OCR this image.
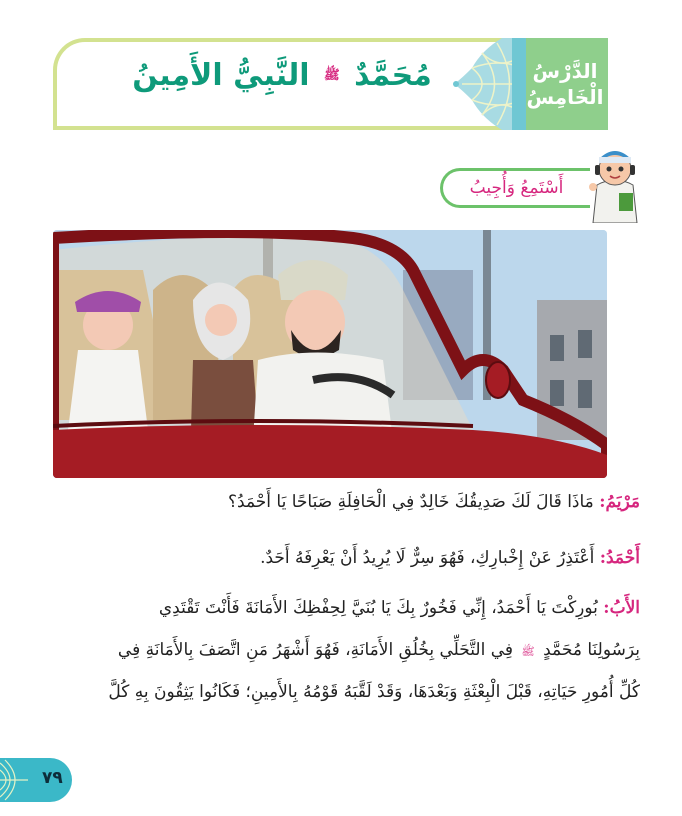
مُحَمَّدٌ ﷺ النَّبِيُّ الأَمِينُ	الدَّرْسُ
الْخَامِسُ
أَسْتَمِعُ وَأُجِيبُ
مَرْيَمُ: مَاذَا قَالَ لَكَ صَدِيقُكَ خَالِدٌ فِي الْحَافِلَةِ صَبَاحًا يَا أَحْمَدُ؟
أَحْمَدُ: أَعْتَذِرُ عَنْ إِخْبارِكِ، فَهُوَ سِرٌّ لَا يُرِيدُ أَنْ يَعْرِفَهُ أَحَدٌ.
الأَبُ: بُورِكْتَ يَا أَحْمَدُ، إِنِّي فَخُورٌ بِكَ يَا بُنَيَّ لِحِفْظِكَ الأَمَانَةَ فَأَنْتَ تَقْتَدِي
بِرَسُولِنَا مُحَمَّدٍ ﷺ فِي التَّحَلِّي بِخُلُقِ الأَمَانَةِ، فَهُوَ أَشْهَرُ مَنِ اتَّصَفَ بِالأَمَانَةِ فِي
كُلِّ أُمُورِ حَيَاتِهِ، قَبْلَ الْبِعْثَةِ وَبَعْدَهَا، وَقَدْ لَقَّبَهُ قَوْمُهُ بِالأَمِينِ؛ فَكَانُوا يَثِقُونَ بِهِ كُلَّ
٧٩
